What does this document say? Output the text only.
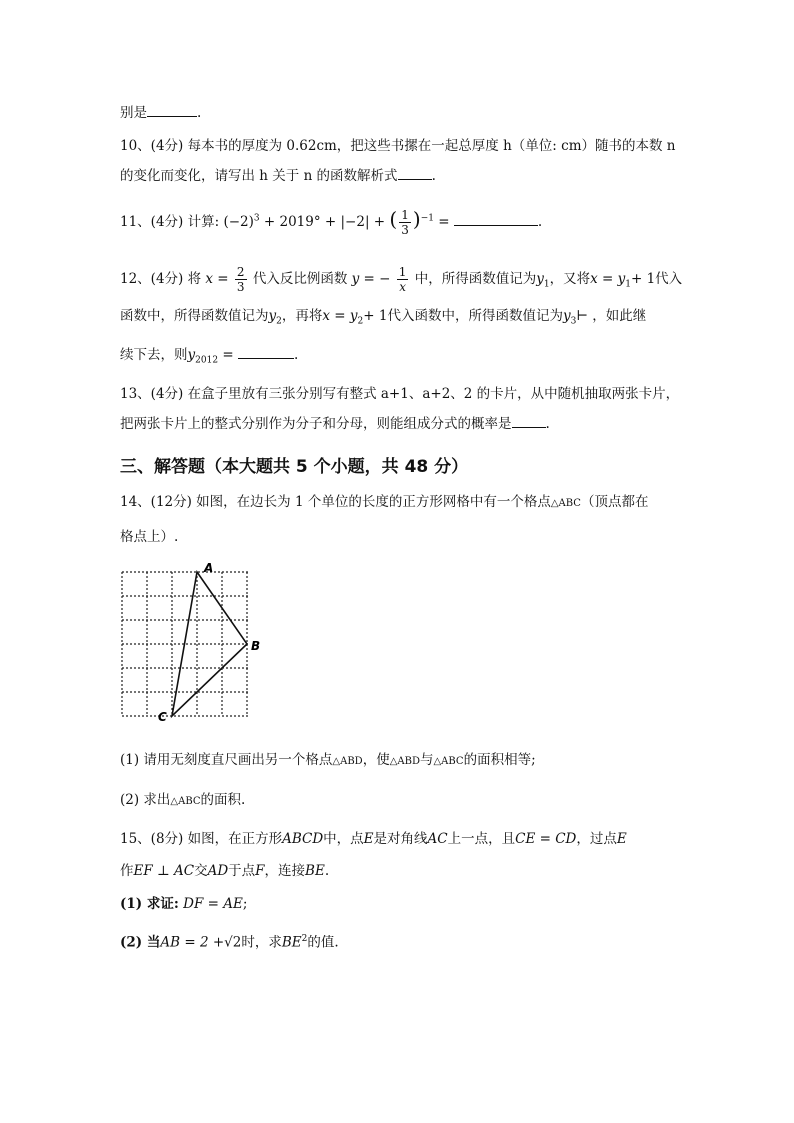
别是	.
10、(4分) 每本书的厚度为 0.62cm，把这些书摞在一起总厚度 h（单位: cm）随书的本数 n
的变化而变化，请写出 h 关于 n 的函数解析式	.
11、(4分) 计算: $(-2)^3 + 2019^\circ + |-2|$ + ( $\frac{1}{3} )^{-1}$ =	.
12、(4分) 将 $x = \frac{2}{3}$ 代入反比例函数 y = − $\frac{1}{x}$ 中，所得函数值记为$y_1$，又将$x = y_1+ 1$代入
函数中，所得函数值记为$y_2$，再将$x = y_2+ 1$代入函数中，所得函数值记为$y_3⊢$ ，如此继
续下去，则$y_{2012}$ =	.
13、(4分) 在盒子里放有三张分别写有整式 a+1、a+2、2 的卡片，从中随机抽取两张卡片，
把两张卡片上的整式分别作为分子和分母，则能组成分式的概率是	.
三、解答题（本大题共 5 个小题，共 48 分）
14、(12分) 如图，在边长为 1 个单位的长度的正方形网格中有一个格点△ABC（顶点都在
格点上）.
A
B
C
(1) 请用无刻度直尺画出另一个格点△ABD，使△ABD与△ABC的面积相等;
(2) 求出△ABC的面积.
15、(8分) 如图，在正方形ABCD中，点E是对角线AC上一点，且CE = CD，过点E
作EF ⊥ AC交AD于点F，连接BE.
(1) 求证: DF = AE;
(2) 当AB = 2 +√2时，求$BE^2$的值.
